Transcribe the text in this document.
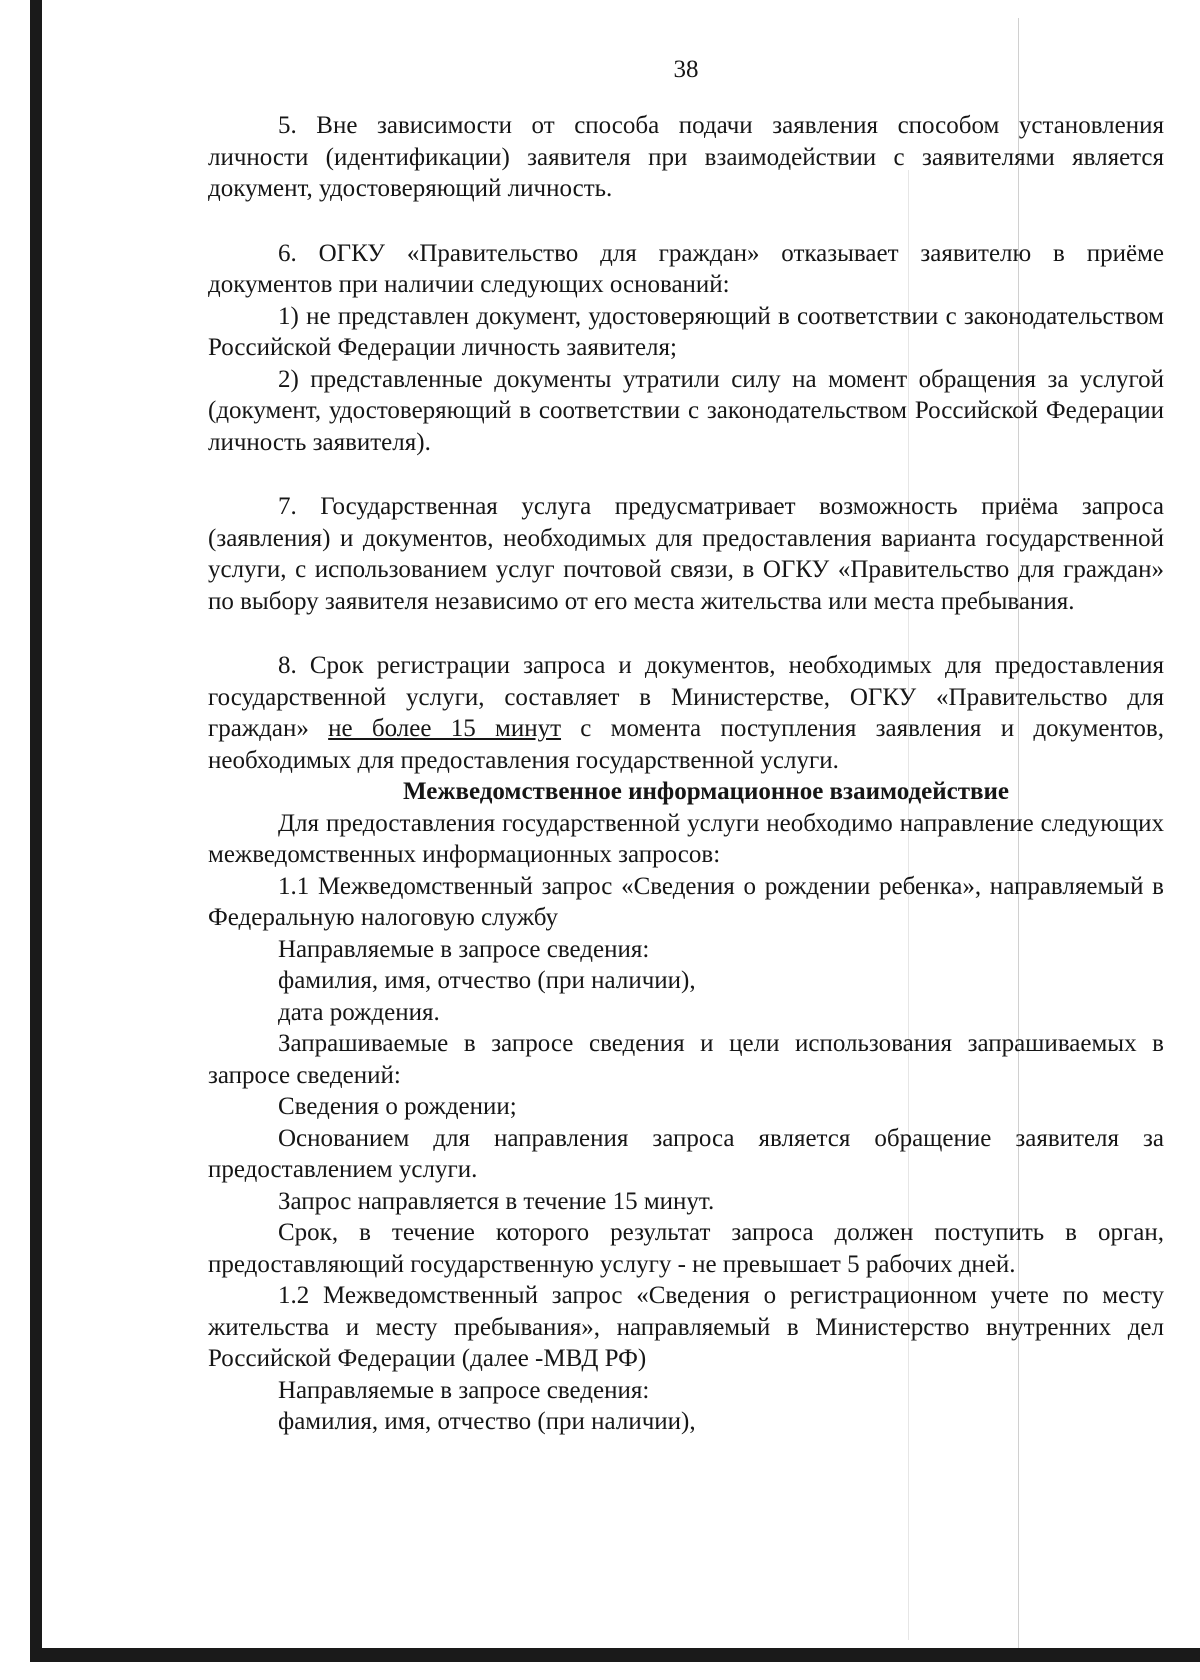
38

5. Вне зависимости от способа подачи заявления способом установления личности (идентификации) заявителя при взаимодействии с заявителями является документ, удостоверяющий личность.

6. ОГКУ «Правительство для граждан» отказывает заявителю в приёме документов при наличии следующих оснований:

1) не представлен документ, удостоверяющий в соответствии с законодательством Российской Федерации личность заявителя;

2) представленные документы утратили силу на момент обращения за услугой (документ, удостоверяющий в соответствии с законодательством Российской Федерации личность заявителя).

7. Государственная услуга предусматривает возможность приёма запроса (заявления) и документов, необходимых для предоставления варианта государственной услуги, с использованием услуг почтовой связи, в ОГКУ «Правительство для граждан» по выбору заявителя независимо от его места жительства или места пребывания.

8. Срок регистрации запроса и документов, необходимых для предоставления государственной услуги, составляет в Министерстве, ОГКУ «Правительство для граждан» не более 15 минут с момента поступления заявления и документов, необходимых для предоставления государственной услуги.

Межведомственное информационное взаимодействие

Для предоставления государственной услуги необходимо направление следующих межведомственных информационных запросов:

1.1 Межведомственный запрос «Сведения о рождении ребенка», направляемый в Федеральную налоговую службу

Направляемые в запросе сведения:

фамилия, имя, отчество (при наличии),

дата рождения.

Запрашиваемые в запросе сведения и цели использования запрашиваемых в запросе сведений:

Сведения о рождении;

Основанием для направления запроса является обращение заявителя за предоставлением услуги.

Запрос направляется в течение 15 минут.

Срок, в течение которого результат запроса должен поступить в орган, предоставляющий государственную услугу - не превышает 5 рабочих дней.

1.2 Межведомственный запрос «Сведения о регистрационном учете по месту жительства и месту пребывания», направляемый в Министерство внутренних дел Российской Федерации (далее -МВД РФ)

Направляемые в запросе сведения:

фамилия, имя, отчество (при наличии),
